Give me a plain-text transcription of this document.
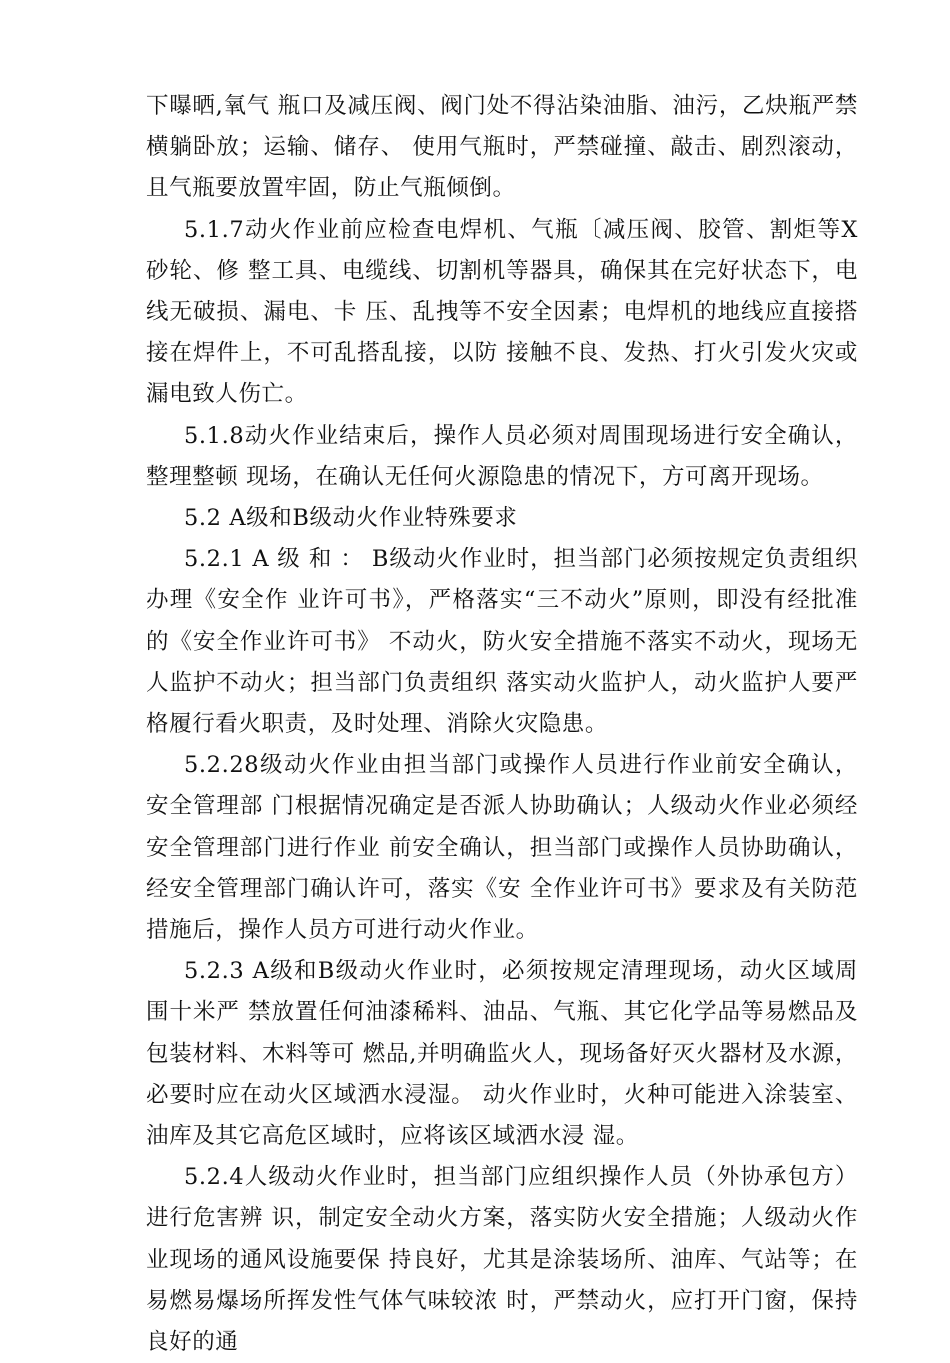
下曝晒,氧气 瓶口及减压阀、阀门处不得沾染油脂、油污，乙炔瓶严禁横躺卧放；运输、储存、 使用气瓶时，严禁碰撞、敲击、剧烈滚动，且气瓶要放置牢固，防止气瓶倾倒。

5.1.7动火作业前应检查电焊机、气瓶〔减压阀、胶管、割炬等X砂轮、修 整工具、电缆线、切割机等器具，确保其在完好状态下，电线无破损、漏电、卡 压、乱拽等不安全因素；电焊机的地线应直接搭接在焊件上，不可乱搭乱接，以防 接触不良、发热、打火引发火灾或漏电致人伤亡。

5.1.8动火作业结束后，操作人员必须对周围现场进行安全确认，整理整顿 现场，在确认无任何火源隐患的情况下，方可离开现场。

5.2 A级和B级动火作业特殊要求

5.2.1 A 级 和 ： B级动火作业时，担当部门必须按规定负责组织办理《安全作 业许可书》，严格落实“三不动火”原则，即没有经批准的《安全作业许可书》 不动火，防火安全措施不落实不动火，现场无人监护不动火；担当部门负责组织 落实动火监护人，动火监护人要严格履行看火职责，及时处理、消除火灾隐患。

5.2.28级动火作业由担当部门或操作人员进行作业前安全确认，安全管理部 门根据情况确定是否派人协助确认；人级动火作业必须经安全管理部门进行作业 前安全确认，担当部门或操作人员协助确认，经安全管理部门确认许可，落实《安 全作业许可书》要求及有关防范措施后，操作人员方可进行动火作业。

5.2.3 A级和B级动火作业时，必须按规定清理现场，动火区域周围十米严 禁放置任何油漆稀料、油品、气瓶、其它化学品等易燃品及包装材料、木料等可 燃品,并明确监火人，现场备好灭火器材及水源，必要时应在动火区域洒水浸湿。 动火作业时，火种可能进入涂装室、油库及其它高危区域时，应将该区域洒水浸 湿。

5.2.4人级动火作业时，担当部门应组织操作人员（外协承包方）进行危害辨 识，制定安全动火方案，落实防火安全措施；人级动火作业现场的通风设施要保 持良好，尤其是涂装场所、油库、气站等；在易燃易爆场所挥发性气体气味较浓 时，严禁动火，应打开门窗，保持良好的通
